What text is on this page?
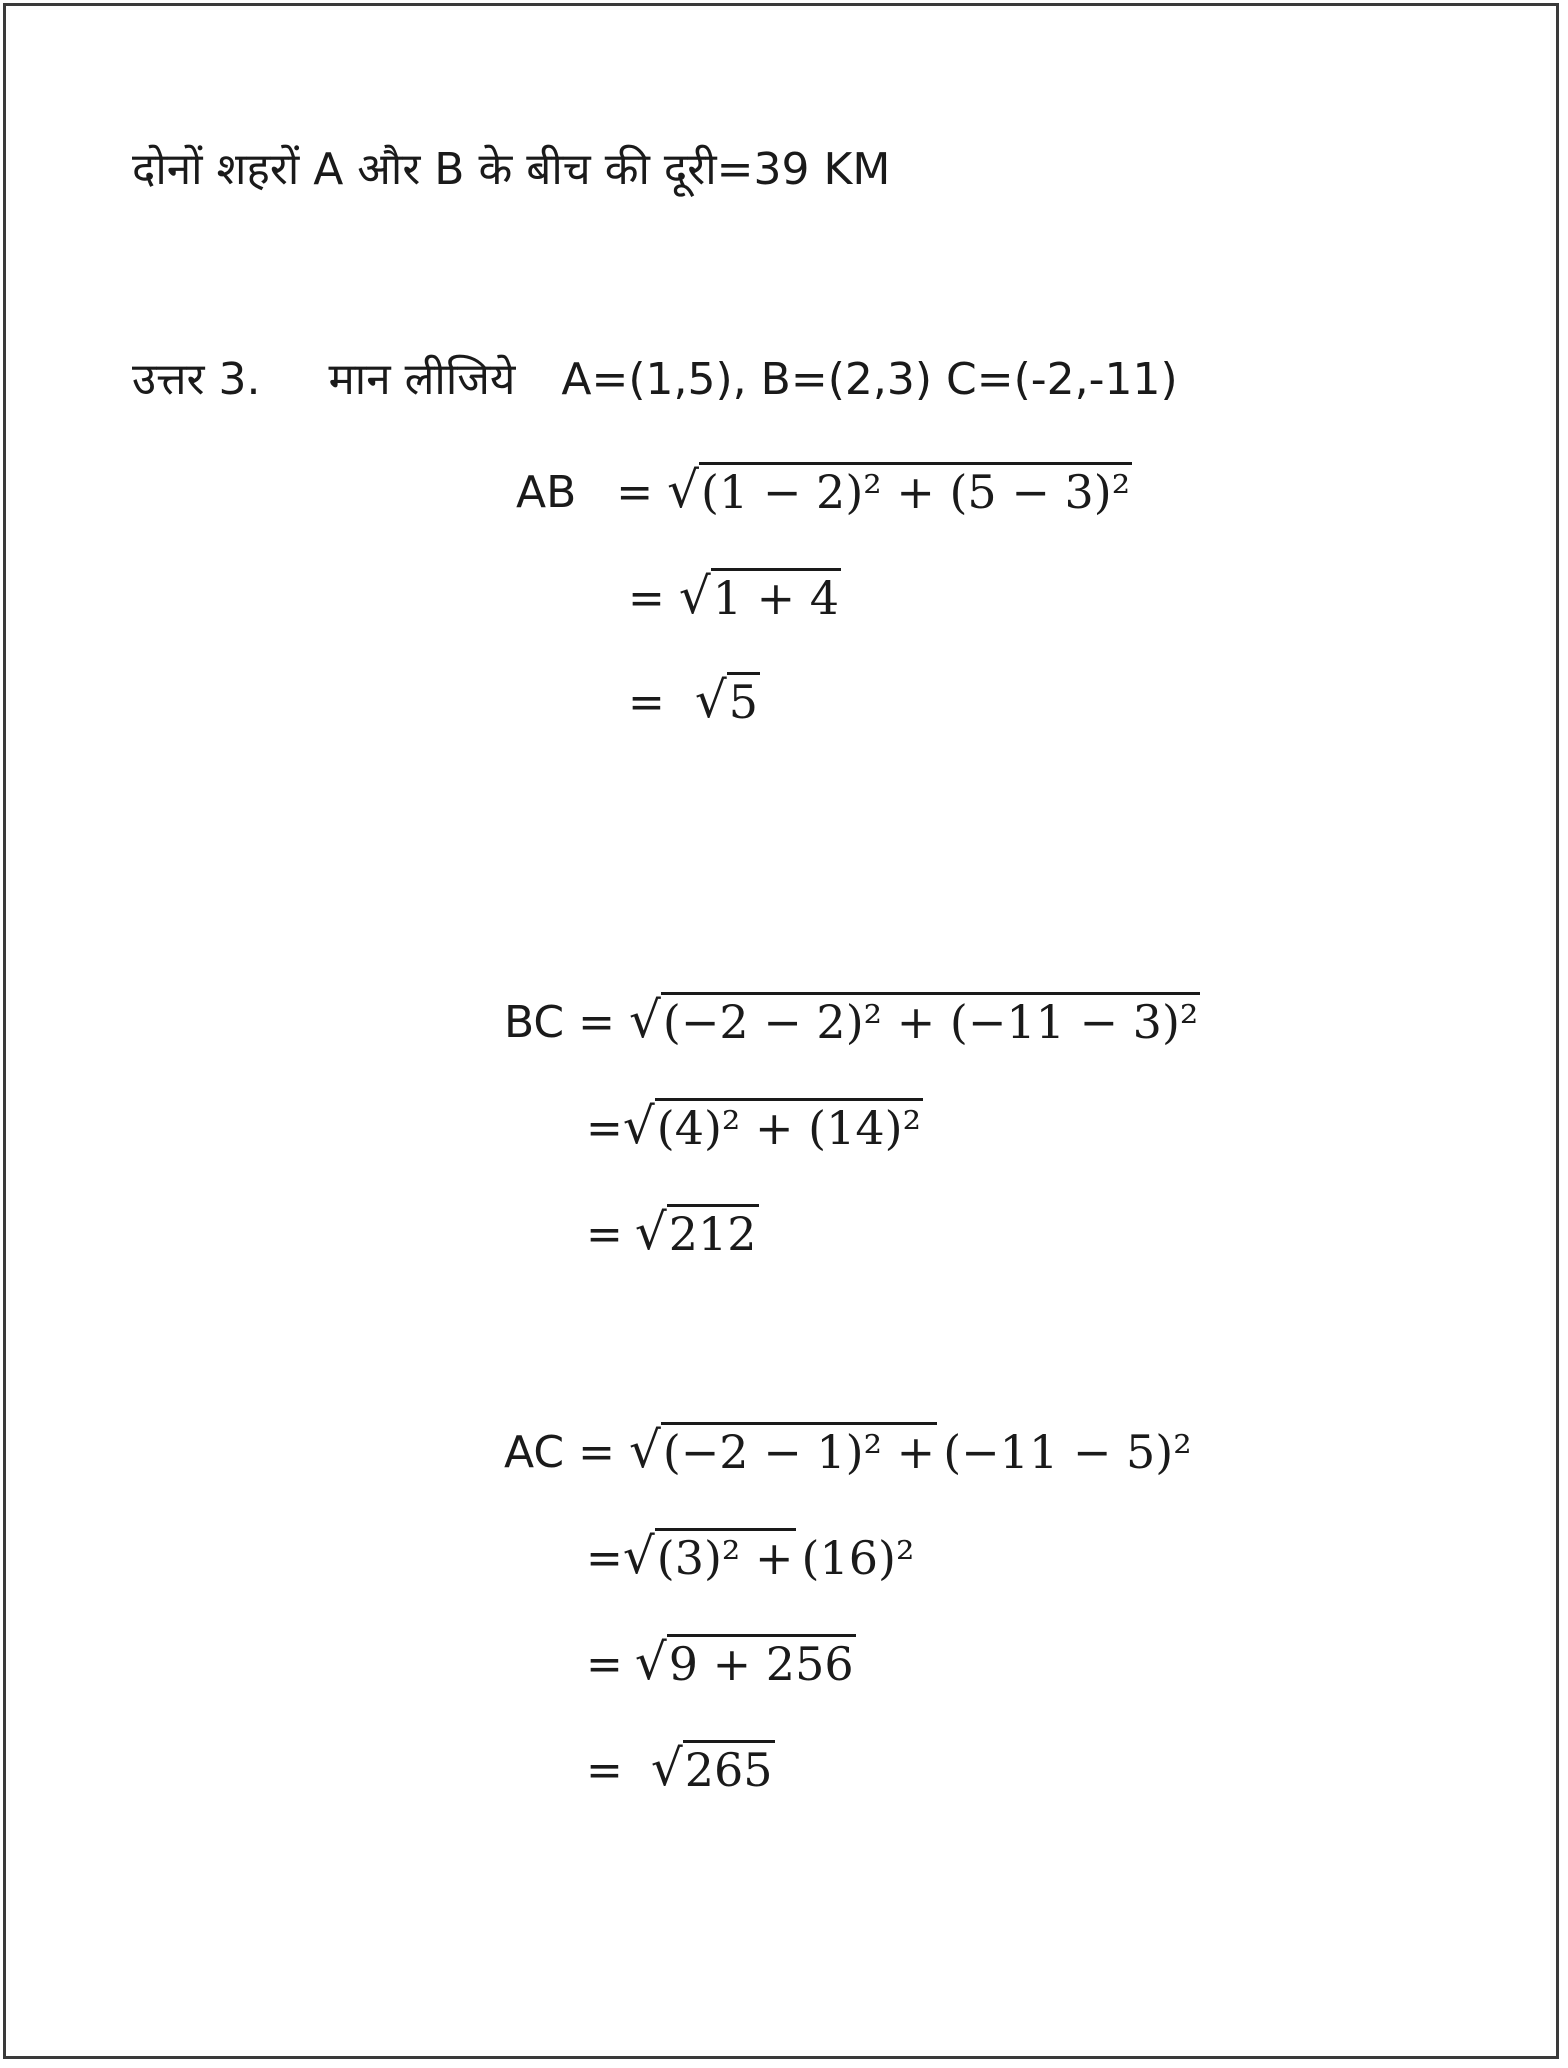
दोनों शहरों A और B के बीच की दूरी=39 KM
उत्तर 3. मान लीजिये A=(1,5), B=(2,3) C=(-2,-11)
AB = √ (1 − 2)² + (5 − 3)²
= √ 1 + 4
= √ 5
BC = √ (−2 − 2)² + (−11 − 3)²
= √ (4)² + (14)²
= √ 212
AC = √ (−2 − 1)² + (−11 − 5)²
= √ (3)² + (16)²
= √ 9 + 256
= √ 265
